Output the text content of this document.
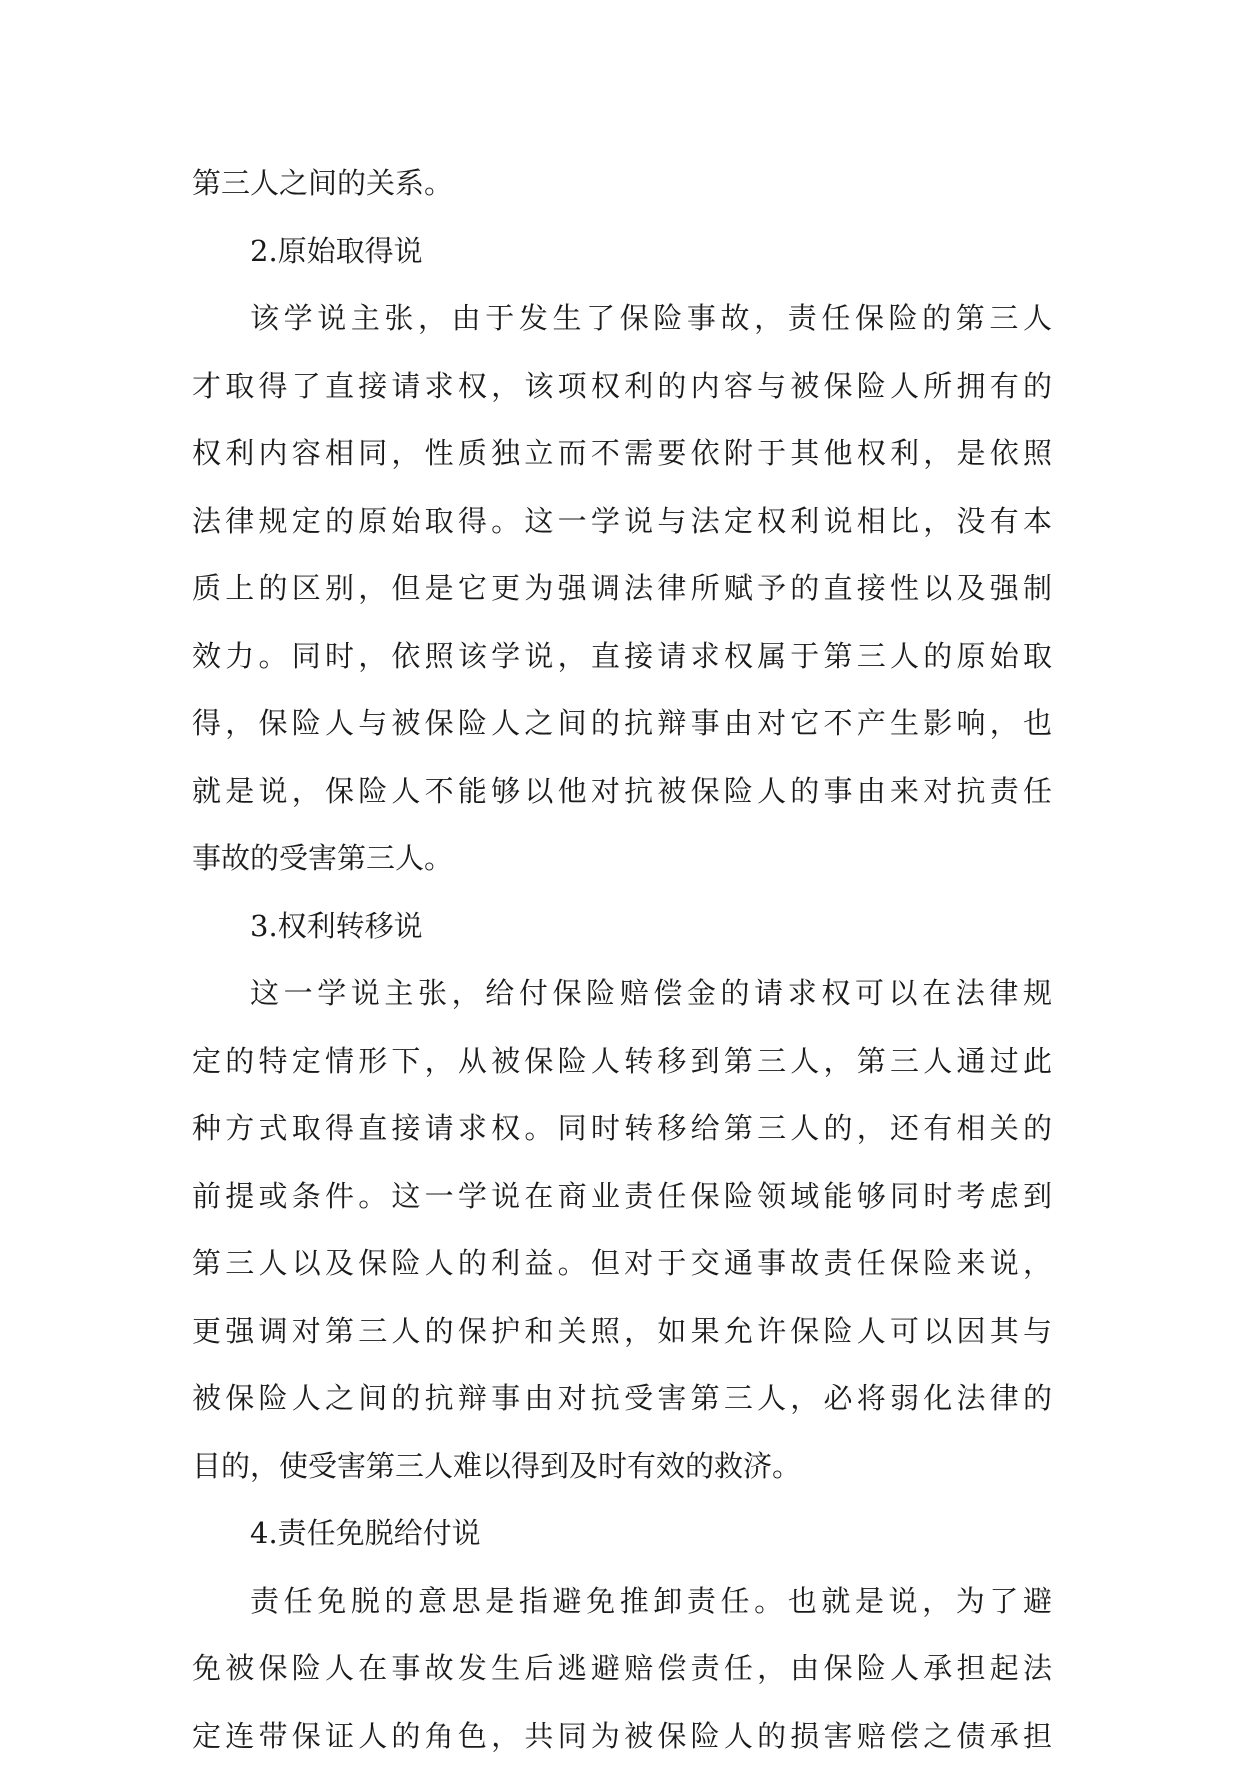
第三人之间的关系。
2.原始取得说
该学说主张，由于发生了保险事故，责任保险的第三人
才取得了直接请求权，该项权利的内容与被保险人所拥有的
权利内容相同，性质独立而不需要依附于其他权利，是依照
法律规定的原始取得。这一学说与法定权利说相比，没有本
质上的区别，但是它更为强调法律所赋予的直接性以及强制
效力。同时，依照该学说，直接请求权属于第三人的原始取
得，保险人与被保险人之间的抗辩事由对它不产生影响，也
就是说，保险人不能够以他对抗被保险人的事由来对抗责任
事故的受害第三人。
3.权利转移说
这一学说主张，给付保险赔偿金的请求权可以在法律规
定的特定情形下，从被保险人转移到第三人，第三人通过此
种方式取得直接请求权。同时转移给第三人的，还有相关的
前提或条件。这一学说在商业责任保险领域能够同时考虑到
第三人以及保险人的利益。但对于交通事故责任保险来说，
更强调对第三人的保护和关照，如果允许保险人可以因其与
被保险人之间的抗辩事由对抗受害第三人，必将弱化法律的
目的，使受害第三人难以得到及时有效的救济。
4.责任免脱给付说
责任免脱的意思是指避免推卸责任。也就是说，为了避
免被保险人在事故发生后逃避赔偿责任，由保险人承担起法
定连带保证人的角色，共同为被保险人的损害赔偿之债承担
